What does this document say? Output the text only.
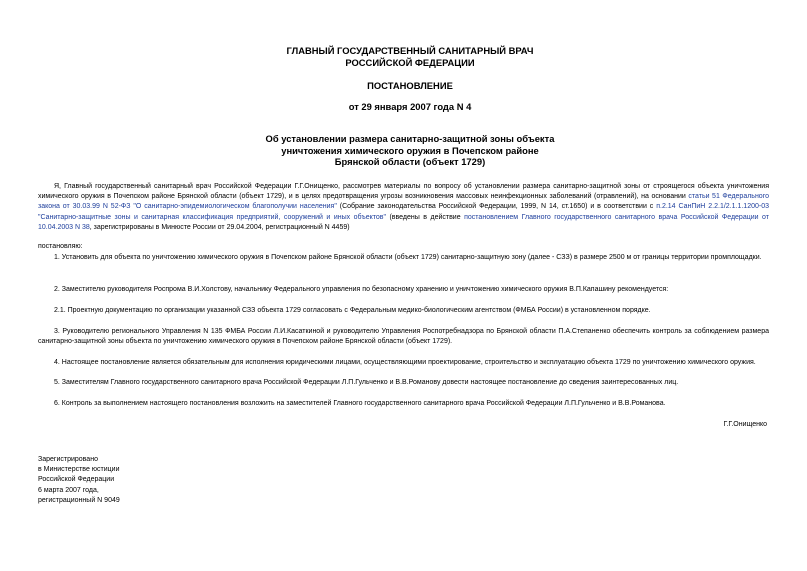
ГЛАВНЫЙ ГОСУДАРСТВЕННЫЙ САНИТАРНЫЙ ВРАЧ
РОССИЙСКОЙ ФЕДЕРАЦИИ
ПОСТАНОВЛЕНИЕ
от 29 января 2007 года N 4
Об установлении размера санитарно-защитной зоны объекта
уничтожения химического оружия в Почепском районе
Брянской области (объект 1729)

Я, Главный государственный санитарный врач Российской Федерации Г.Г.Онищенко, рассмотрев материалы по вопросу об установлении размера санитарно-защитной зоны от строящегося объекта уничтожения химического оружия в Почепском районе Брянской области (объект 1729), и в целях предотвращения угрозы возникновения массовых неинфекционных заболеваний (отравлений), на основании статьи 51 Федерального закона от 30.03.99 N 52-ФЗ "О санитарно-эпидемиологическом благополучии населения" (Собрание законодательства Российской Федерации, 1999, N 14, ст.1650) и в соответствии с п.2.14 СанПиН 2.2.1/2.1.1.1200-03 "Санитарно-защитные зоны и санитарная классификация предприятий, сооружений и иных объектов" (введены в действие постановлением Главного государственного санитарного врача Российской Федерации от 10.04.2003 N 38, зарегистрированы в Минюсте России от 29.04.2004, регистрационный N 4459)

постановляю:

1. Установить для объекта по уничтожению химического оружия в Почепском районе Брянской области (объект 1729) санитарно-защитную зону (далее - СЗЗ) в размере 2500 м от границы территории промплощадки.

2. Заместителю руководителя Роспрома В.И.Холстову, начальнику Федерального управления по безопасному хранению и уничтожению химического оружия В.П.Капашину рекомендуется:

2.1. Проектную документацию по организации указанной СЗЗ объекта 1729 согласовать с Федеральным медико-биологическим агентством (ФМБА России) в установленном порядке.

3. Руководителю регионального Управления N 135 ФМБА России Л.И.Касаткиной и руководителю Управления Роспотребнадзора по Брянской области П.А.Степаненко обеспечить контроль за соблюдением размера санитарно-защитной зоны объекта по уничтожению химического оружия в Почепском районе Брянской области (объект 1729).

4. Настоящее постановление является обязательным для исполнения юридическими лицами, осуществляющими проектирование, строительство и эксплуатацию объекта 1729 по уничтожению химического оружия.

5. Заместителям Главного государственного санитарного врача Российской Федерации Л.П.Гульченко и В.В.Романову довести настоящее постановление до сведения заинтересованных лиц.

6. Контроль за выполнением настоящего постановления возложить на заместителей Главного государственного санитарного врача Российской Федерации Л.П.Гульченко и В.В.Романова.

Г.Г.Онищенко
Зарегистрировано
в Министерстве юстиции
Российской Федерации
6 марта 2007 года,
регистрационный N 9049
